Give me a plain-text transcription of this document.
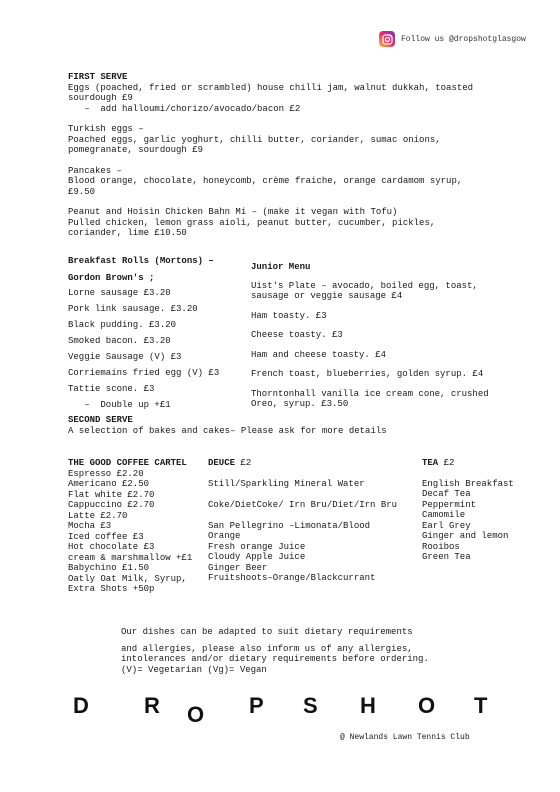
Follow us @dropshotglasgow
FIRST SERVE
Eggs (poached, fried or scrambled) house chilli jam, walnut dukkah, toasted
sourdough £9
–  add halloumi/chorizo/avocado/bacon £2
Turkish eggs –
Poached eggs, garlic yoghurt, chilli butter, coriander, sumac onions,
pomegranate, sourdough £9
Pancakes –
Blood orange, chocolate, honeycomb, crème fraiche, orange cardamom syrup,
£9.50
Peanut and Hoisin Chicken Bahn Mi – (make it vegan with Tofu)
Pulled chicken, lemon grass aioli, peanut butter, cucumber, pickles,
coriander, lime £10.50
Breakfast Rolls (Mortons) –
Gordon Brown's ;
Lorne sausage £3.20
Pork link sausage. £3.20
Black pudding. £3.20
Smoked bacon. £3.20
Veggie Sausage (V) £3
Corriemains fried egg (V) £3
Tattie scone. £3
–  Double up +£1
Junior Menu
Uist's Plate – avocado, boiled egg, toast,
sausage or veggie sausage £4
Ham toasty. £3
Cheese toasty. £3
Ham and cheese toasty. £4
French toast, blueberries, golden syrup. £4
Thorntonhall vanilla ice cream cone, crushed
Oreo, syrup. £3.50
SECOND SERVE
A selection of bakes and cakes– Please ask for more details
THE GOOD COFFEE CARTEL
Espresso £2.20
Americano £2.50
Flat white £2.70
Cappuccino £2.70
Latte £2.70
Mocha £3
Iced coffee £3
Hot chocolate £3
cream & marshmallow +£1
Babychino £1.50
Oatly Oat Milk, Syrup,
Extra Shots +50p
DEUCE £2
Still/Sparkling Mineral Water

Coke/DietCoke/ Irn Bru/Diet/Irn Bru

San Pellegrino –Limonata/Blood
Orange
Fresh orange Juice
Cloudy Apple Juice
Ginger Beer
Fruitshoots–Orange/Blackcurrant
TEA £2
English Breakfast
Decaf Tea
Peppermint
Camomile
Earl Grey
Ginger and lemon
Rooibos
Green Tea
Our dishes can be adapted to suit dietary requirements
and allergies, please also inform us of any allergies,
intolerances and/or dietary requirements before ordering.
(V)= Vegetarian (Vg)= Vegan
D	R O P S H O T
@ Newlands Lawn Tennis Club
